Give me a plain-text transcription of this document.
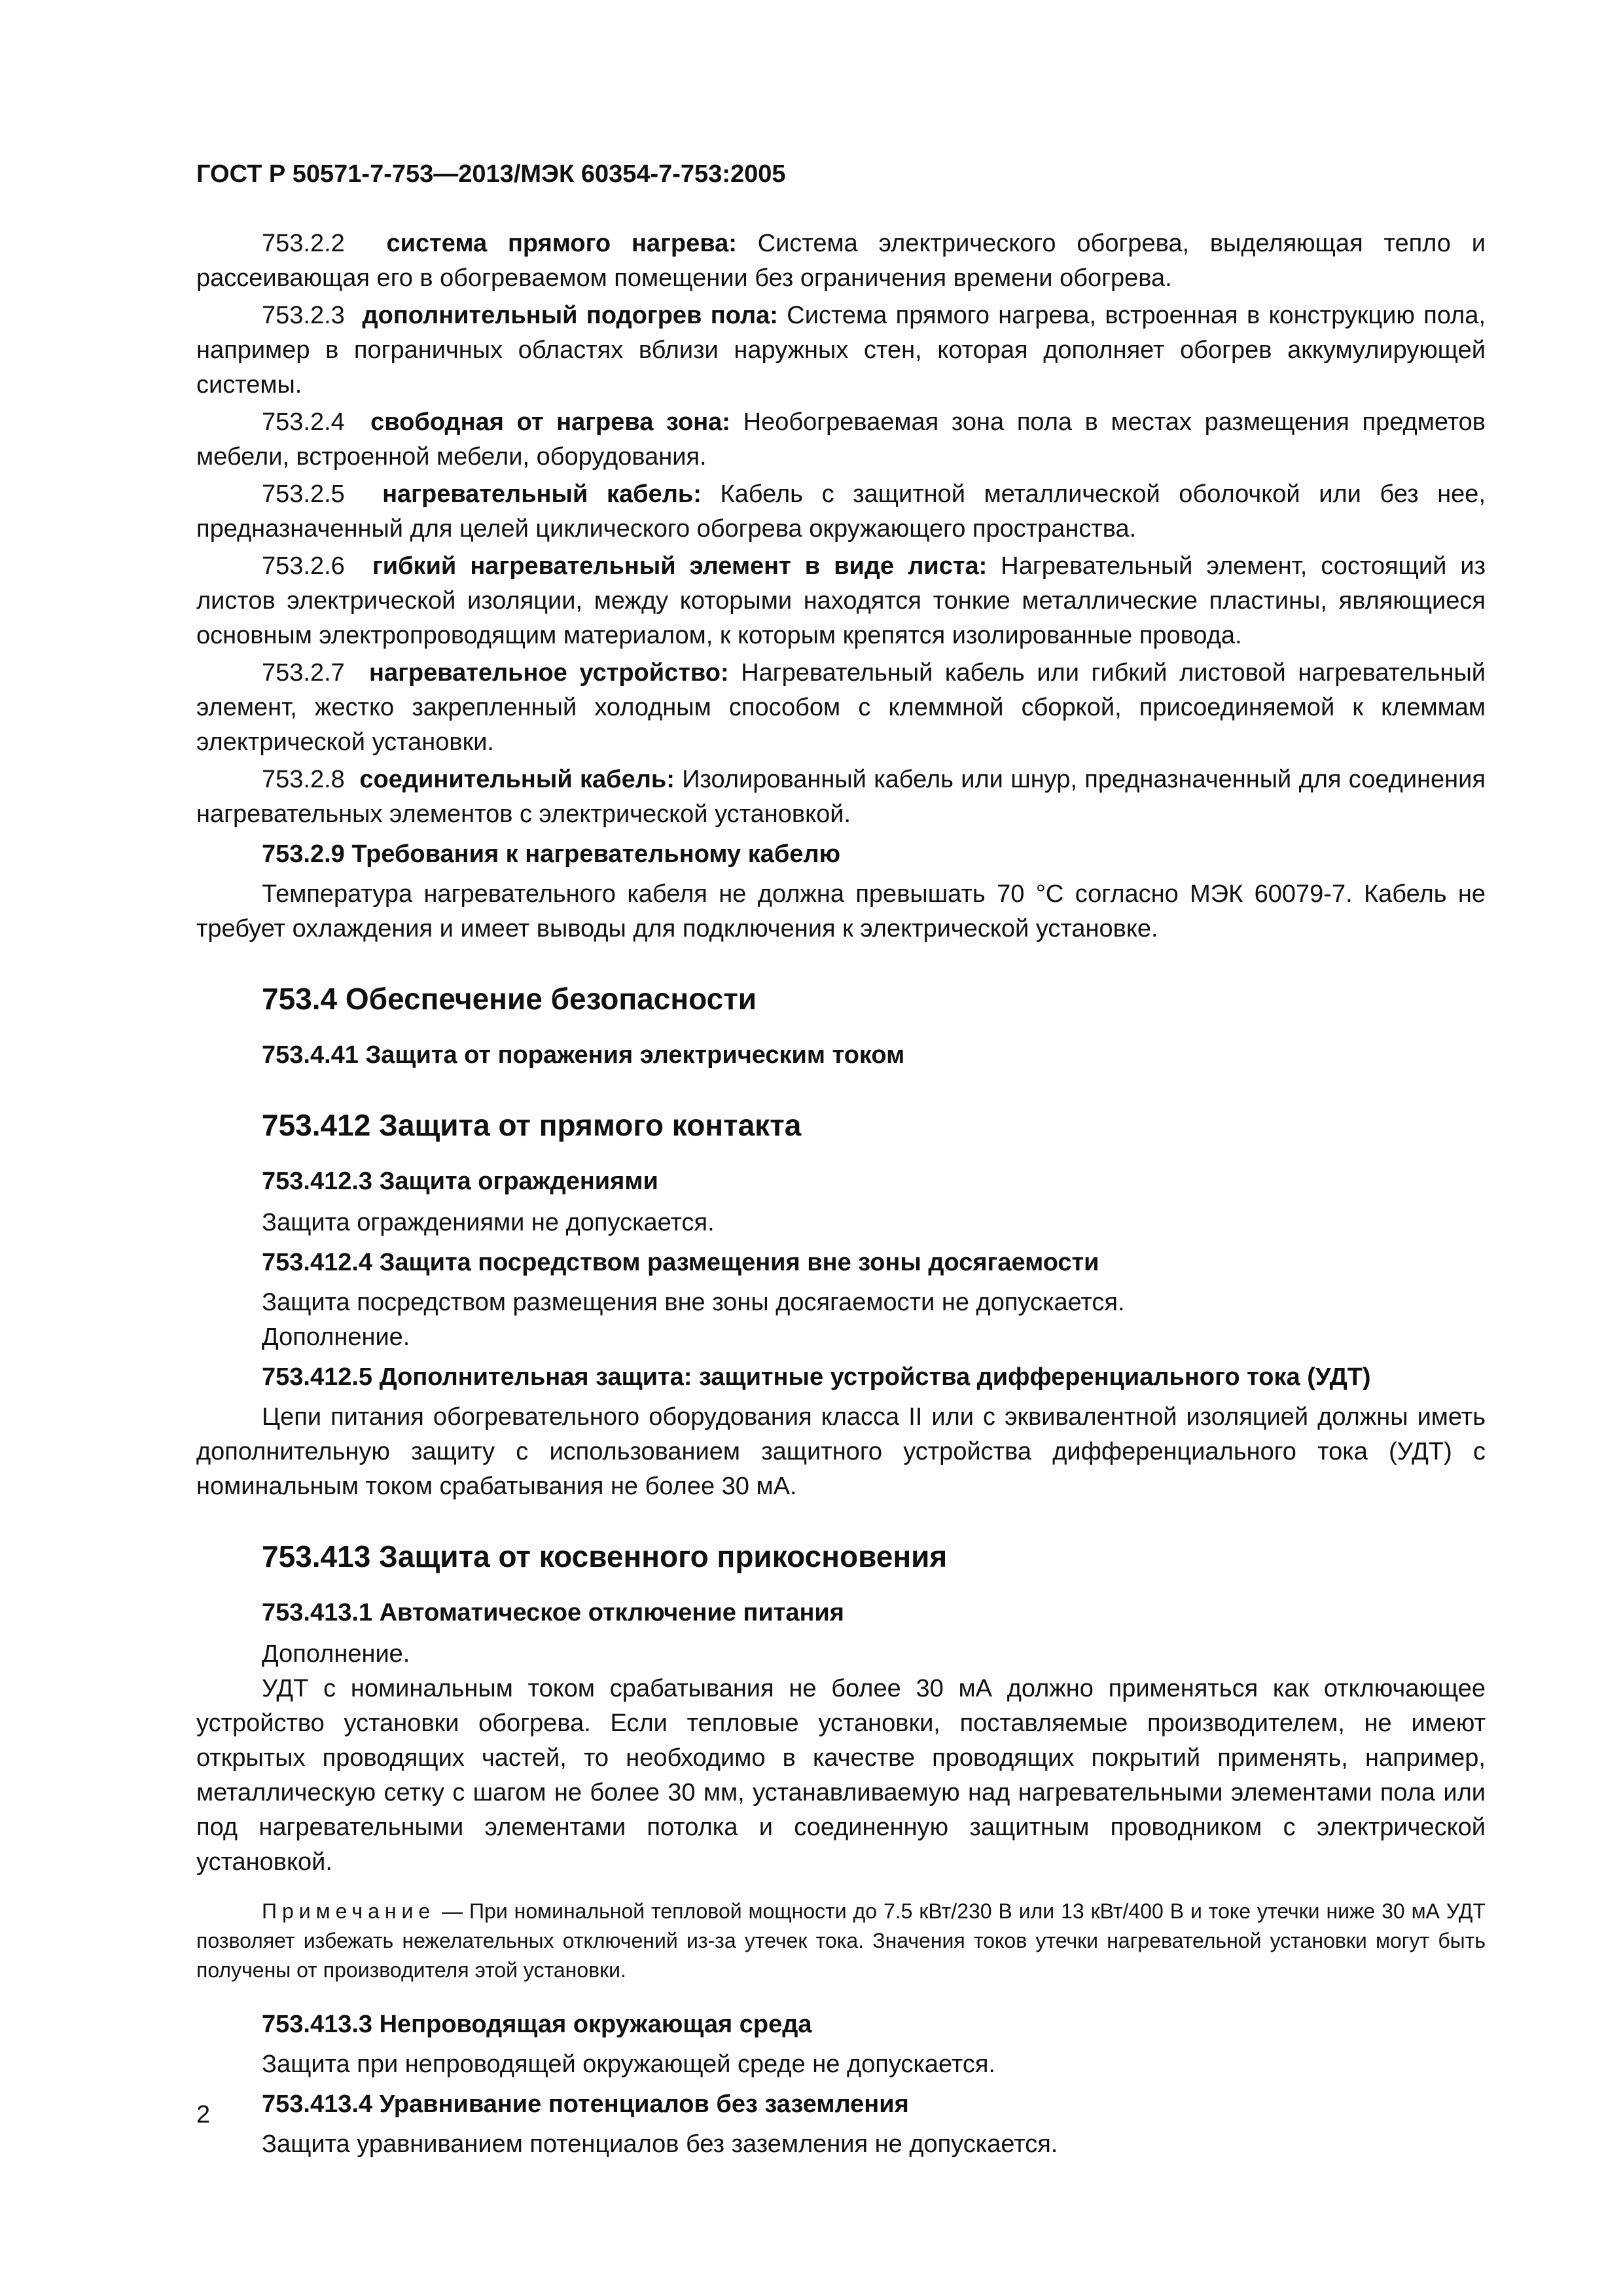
ГОСТ Р 50571-7-753—2013/МЭК 60354-7-753:2005

753.2.2 система прямого нагрева: Система электрического обогрева, выделяющая тепло и рассеивающая его в обогреваемом помещении без ограничения времени обогрева.

753.2.3 дополнительный подогрев пола: Система прямого нагрева, встроенная в конструкцию пола, например в пограничных областях вблизи наружных стен, которая дополняет обогрев аккумулирующей системы.

753.2.4 свободная от нагрева зона: Необогреваемая зона пола в местах размещения предметов мебели, встроенной мебели, оборудования.

753.2.5 нагревательный кабель: Кабель с защитной металлической оболочкой или без нее, предназначенный для целей циклического обогрева окружающего пространства.

753.2.6 гибкий нагревательный элемент в виде листа: Нагревательный элемент, состоящий из листов электрической изоляции, между которыми находятся тонкие металлические пластины, являющиеся основным электропроводящим материалом, к которым крепятся изолированные провода.

753.2.7 нагревательное устройство: Нагревательный кабель или гибкий листовой нагревательный элемент, жестко закрепленный холодным способом с клеммной сборкой, присоединяемой к клеммам электрической установки.

753.2.8 соединительный кабель: Изолированный кабель или шнур, предназначенный для соединения нагревательных элементов с электрической установкой.

753.2.9 Требования к нагревательному кабелю

Температура нагревательного кабеля не должна превышать 70 °С согласно МЭК 60079-7. Кабель не требует охлаждения и имеет выводы для подключения к электрической установке.

753.4 Обеспечение безопасности

753.4.41 Защита от поражения электрическим током

753.412 Защита от прямого контакта

753.412.3 Защита ограждениями

Защита ограждениями не допускается.

753.412.4 Защита посредством размещения вне зоны досягаемости

Защита посредством размещения вне зоны досягаемости не допускается.

Дополнение.

753.412.5 Дополнительная защита: защитные устройства дифференциального тока (УДТ)

Цепи питания обогревательного оборудования класса II или с эквивалентной изоляцией должны иметь дополнительную защиту с использованием защитного устройства дифференциального тока (УДТ) с номинальным током срабатывания не более 30 мА.

753.413 Защита от косвенного прикосновения

753.413.1 Автоматическое отключение питания

Дополнение.

УДТ с номинальным током срабатывания не более 30 мА должно применяться как отключающее устройство установки обогрева. Если тепловые установки, поставляемые производителем, не имеют открытых проводящих частей, то необходимо в качестве проводящих покрытий применять, например, металлическую сетку с шагом не более 30 мм, устанавливаемую над нагревательными элементами пола или под нагревательными элементами потолка и соединенную защитным проводником с электрической установкой.

Примечание — При номинальной тепловой мощности до 7.5 кВт/230 В или 13 кВт/400 В и токе утечки ниже 30 мА УДТ позволяет избежать нежелательных отключений из-за утечек тока. Значения токов утечки нагревательной установки могут быть получены от производителя этой установки.

753.413.3 Непроводящая окружающая среда

Защита при непроводящей окружающей среде не допускается.

753.413.4 Уравнивание потенциалов без заземления

Защита уравниванием потенциалов без заземления не допускается.

2
